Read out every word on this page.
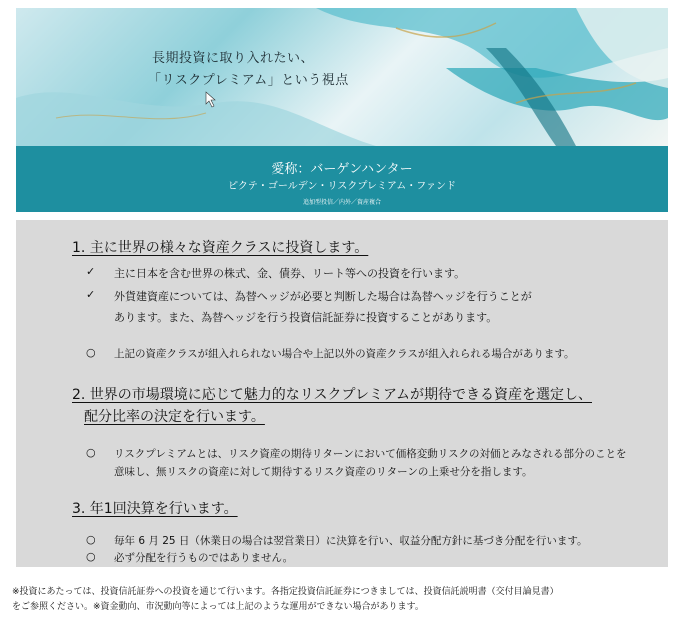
長期投資に取り入れたい、
「リスクプレミアム」という視点
愛称：バーゲンハンター
ピクテ・ゴールデン・リスクプレミアム・ファンド
追加型投信／内外／資産複合
1. 主に世界の様々な資産クラスに投資します。
✓ 主に日本を含む世界の株式、金、債券、リート等への投資を行います。
✓ 外貨建資産については、為替ヘッジが必要と判断した場合は為替ヘッジを行うことが
あります。また、為替ヘッジを行う投資信託証券に投資することがあります。
○ 上記の資産クラスが組入れられない場合や上記以外の資産クラスが組入れられる場合があります。
2. 世界の市場環境に応じて魅力的なリスクプレミアムが期待できる資産を選定し、
配分比率の決定を行います。
○ リスクプレミアムとは、リスク資産の期待リターンにおいて価格変動リスクの対価とみなされる部分のことを
意味し、無リスクの資産に対して期待するリスク資産のリターンの上乗せ分を指します。
3. 年1回決算を行います。
○ 毎年 6 月 25 日（休業日の場合は翌営業日）に決算を行い、収益分配方針に基づき分配を行います。
○ 必ず分配を行うものではありません。
※投資にあたっては、投資信託証券への投資を通じて行います。各指定投資信託証券につきましては、投資信託説明書（交付目論見書）
をご参照ください。※資金動向、市況動向等によっては上記のような運用ができない場合があります。
